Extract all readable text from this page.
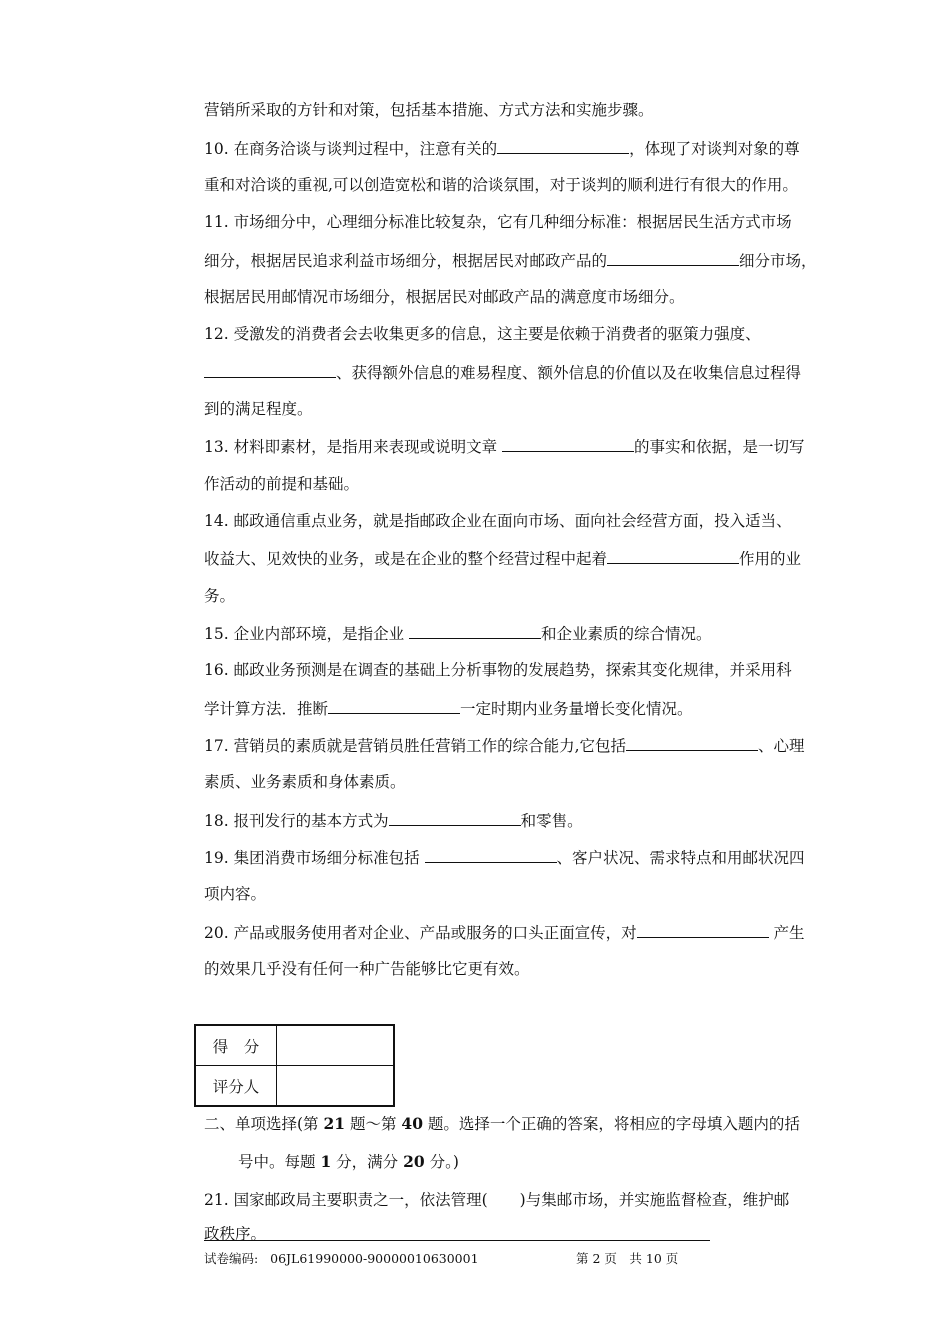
营销所采取的方针和对策，包括基本措施、方式方法和实施步骤。
10. 在商务洽谈与谈判过程中，注意有关的	，体现了对谈判对象的尊
重和对洽谈的重视,可以创造宽松和谐的洽谈氛围，对于谈判的顺利进行有很大的作用。
11. 市场细分中，心理细分标准比较复杂，它有几种细分标准：根据居民生活方式市场
细分，根据居民追求利益市场细分，根据居民对邮政产品的	细分市场，
根据居民用邮情况市场细分，根据居民对邮政产品的满意度市场细分。
12. 受激发的消费者会去收集更多的信息，这主要是依赖于消费者的驱策力强度、
、获得额外信息的难易程度、额外信息的价值以及在收集信息过程得
到的满足程度。
13. 材料即素材，是指用来表现或说明文章	的事实和依据，是一切写
作活动的前提和基础。
14. 邮政通信重点业务，就是指邮政企业在面向市场、面向社会经营方面，投入适当、
收益大、见效快的业务，或是在企业的整个经营过程中起着	作用的业
务。
15. 企业内部环境，是指企业	和企业素质的综合情况。
16. 邮政业务预测是在调查的基础上分析事物的发展趋势，探索其变化规律，并采用科
学计算方法．推断	一定时期内业务量增长变化情况。
17. 营销员的素质就是营销员胜任营销工作的综合能力,它包括	、心理
素质、业务素质和身体素质。
18. 报刊发行的基本方式为	和零售。
19. 集团消费市场细分标准包括	、客户状况、需求特点和用邮状况四
项内容。
20. 产品或服务使用者对企业、产品或服务的口头正面宣传，对	产生
的效果几乎没有任何一种广告能够比它更有效。
得　分	
评分人	
二、单项选择(第 21 题～第 40 题。选择一个正确的答案，将相应的字母填入题内的括
号中。每题 1 分，满分 20 分。)
21. 国家邮政局主要职责之一，依法管理( )与集邮市场，并实施监督检查，维护邮
政秩序。
试卷编码: 06JL61990000-90000010630001	第 2 页　共 10 页
